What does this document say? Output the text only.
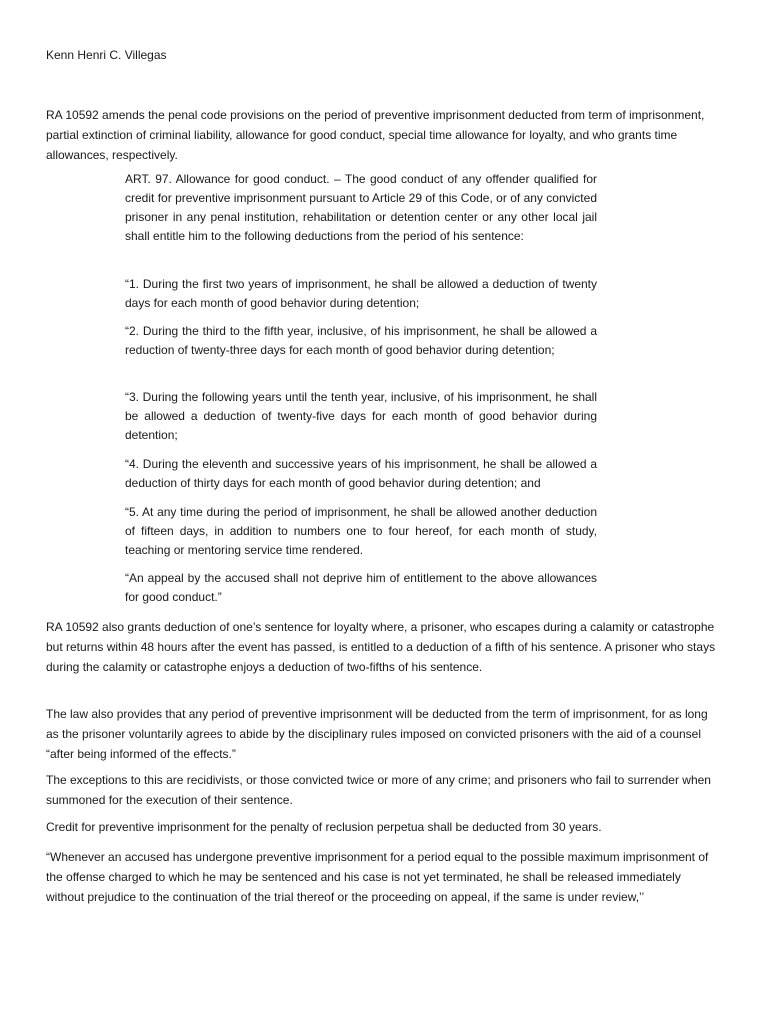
Kenn Henri C. Villegas

RA 10592 amends the penal code provisions on the period of preventive imprisonment deducted from term of imprisonment, partial extinction of criminal liability, allowance for good conduct, special time allowance for loyalty, and who grants time allowances, respectively.

ART. 97. Allowance for good conduct. – The good conduct of any offender qualified for credit for preventive imprisonment pursuant to Article 29 of this Code, or of any convicted prisoner in any penal institution, rehabilitation or detention center or any other local jail shall entitle him to the following deductions from the period of his sentence:

“1. During the first two years of imprisonment, he shall be allowed a deduction of twenty days for each month of good behavior during detention;

“2. During the third to the fifth year, inclusive, of his imprisonment, he shall be allowed a reduction of twenty-three days for each month of good behavior during detention;

“3. During the following years until the tenth year, inclusive, of his imprisonment, he shall be allowed a deduction of twenty-five days for each month of good behavior during detention;

“4. During the eleventh and successive years of his imprisonment, he shall be allowed a deduction of thirty days for each month of good behavior during detention; and

“5. At any time during the period of imprisonment, he shall be allowed another deduction of fifteen days, in addition to numbers one to four hereof, for each month of study, teaching or mentoring service time rendered.

“An appeal by the accused shall not deprive him of entitlement to the above allowances for good conduct.”

RA 10592 also grants deduction of one’s sentence for loyalty where, a prisoner, who escapes during a calamity or catastrophe but returns within 48 hours after the event has passed, is entitled to a deduction of a fifth of his sentence. A prisoner who stays during the calamity or catastrophe enjoys a deduction of two-fifths of his sentence.

The law also provides that any period of preventive imprisonment will be deducted from the term of imprisonment, for as long as the prisoner voluntarily agrees to abide by the disciplinary rules imposed on convicted prisoners with the aid of a counsel “after being informed of the effects.”

The exceptions to this are recidivists, or those convicted twice or more of any crime; and prisoners who fail to surrender when summoned for the execution of their sentence.

Credit for preventive imprisonment for the penalty of reclusion perpetua shall be deducted from 30 years.

“Whenever an accused has undergone preventive imprisonment for a period equal to the possible maximum imprisonment of the offense charged to which he may be sentenced and his case is not yet terminated, he shall be released immediately without prejudice to the continuation of the trial thereof or the proceeding on appeal, if the same is under review,’’
